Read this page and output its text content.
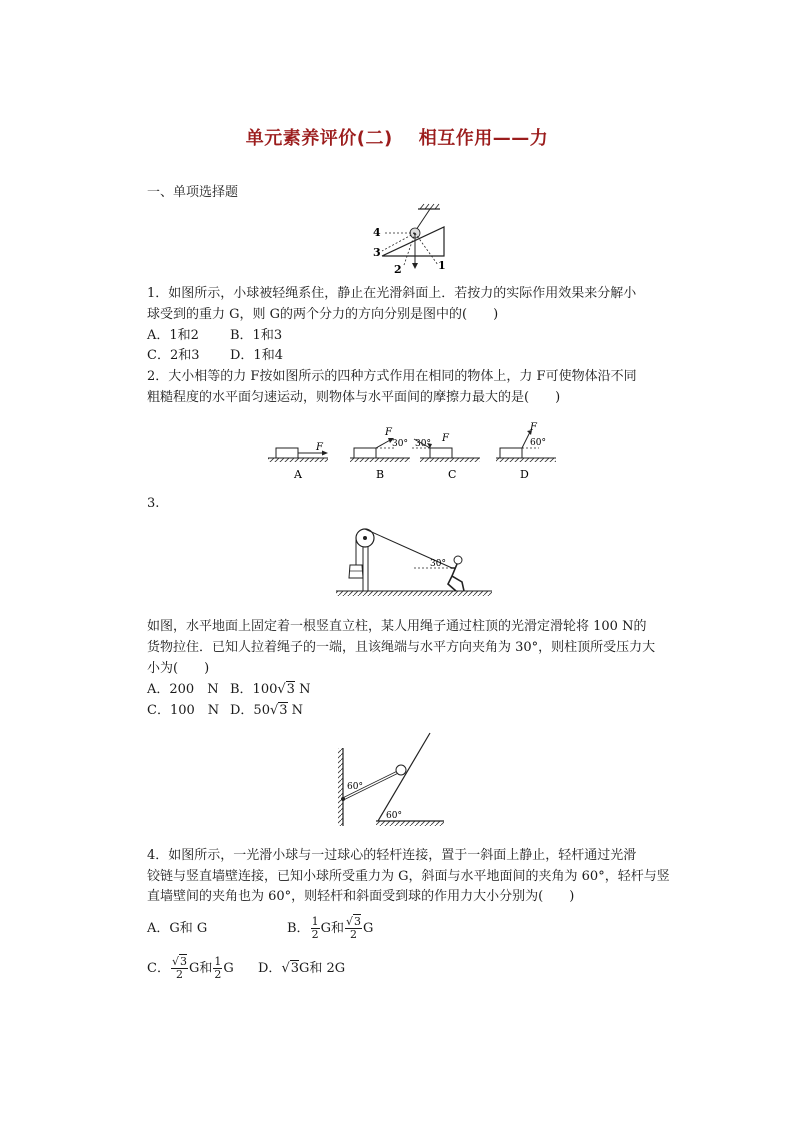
单元素养评价(二) 相互作用——力
一、单项选择题
4
3
2	1
1．如图所示，小球被轻绳系住，静止在光滑斜面上．若按力的实际作用效果来分解小
球受到的重力 G，则 G的两个分力的方向分别是图中的(　　)
A．1和2 B．1和3
C．2和3 D．1和4
2．大小相等的力 F按如图所示的四种方式作用在相同的物体上，力 F可使物体沿不同
粗糙程度的水平面匀速运动，则物体与水平面间的摩擦力最大的是(　　)
F
A
F
30°
B
F
30°
C
F
60°
D
3.
30°
如图，水平地面上固定着一根竖直立柱，某人用绳子通过柱顶的光滑定滑轮将 100 N的
货物拉住．已知人拉着绳子的一端，且该绳端与水平方向夹角为 30°，则柱顶所受压力大
小为(　　)
A．200　N B．100√3 N
C．100　N D．50√3 N
60°
60°
4．如图所示，一光滑小球与一过球心的轻杆连接，置于一斜面上静止，轻杆通过光滑
铰链与竖直墙壁连接，已知小球所受重力为 G，斜面与水平地面间的夹角为 60°，轻杆与竖
直墙壁间的夹角也为 60°，则轻杆和斜面受到球的作用力大小分别为(　　)
A．G和 G	B． $\frac{1}{2}$ G和 $\frac{√3}{2}$ G
C． $\frac{√3}{2}$ G和 $\frac{1}{2}$ G D．√3G和 2G
